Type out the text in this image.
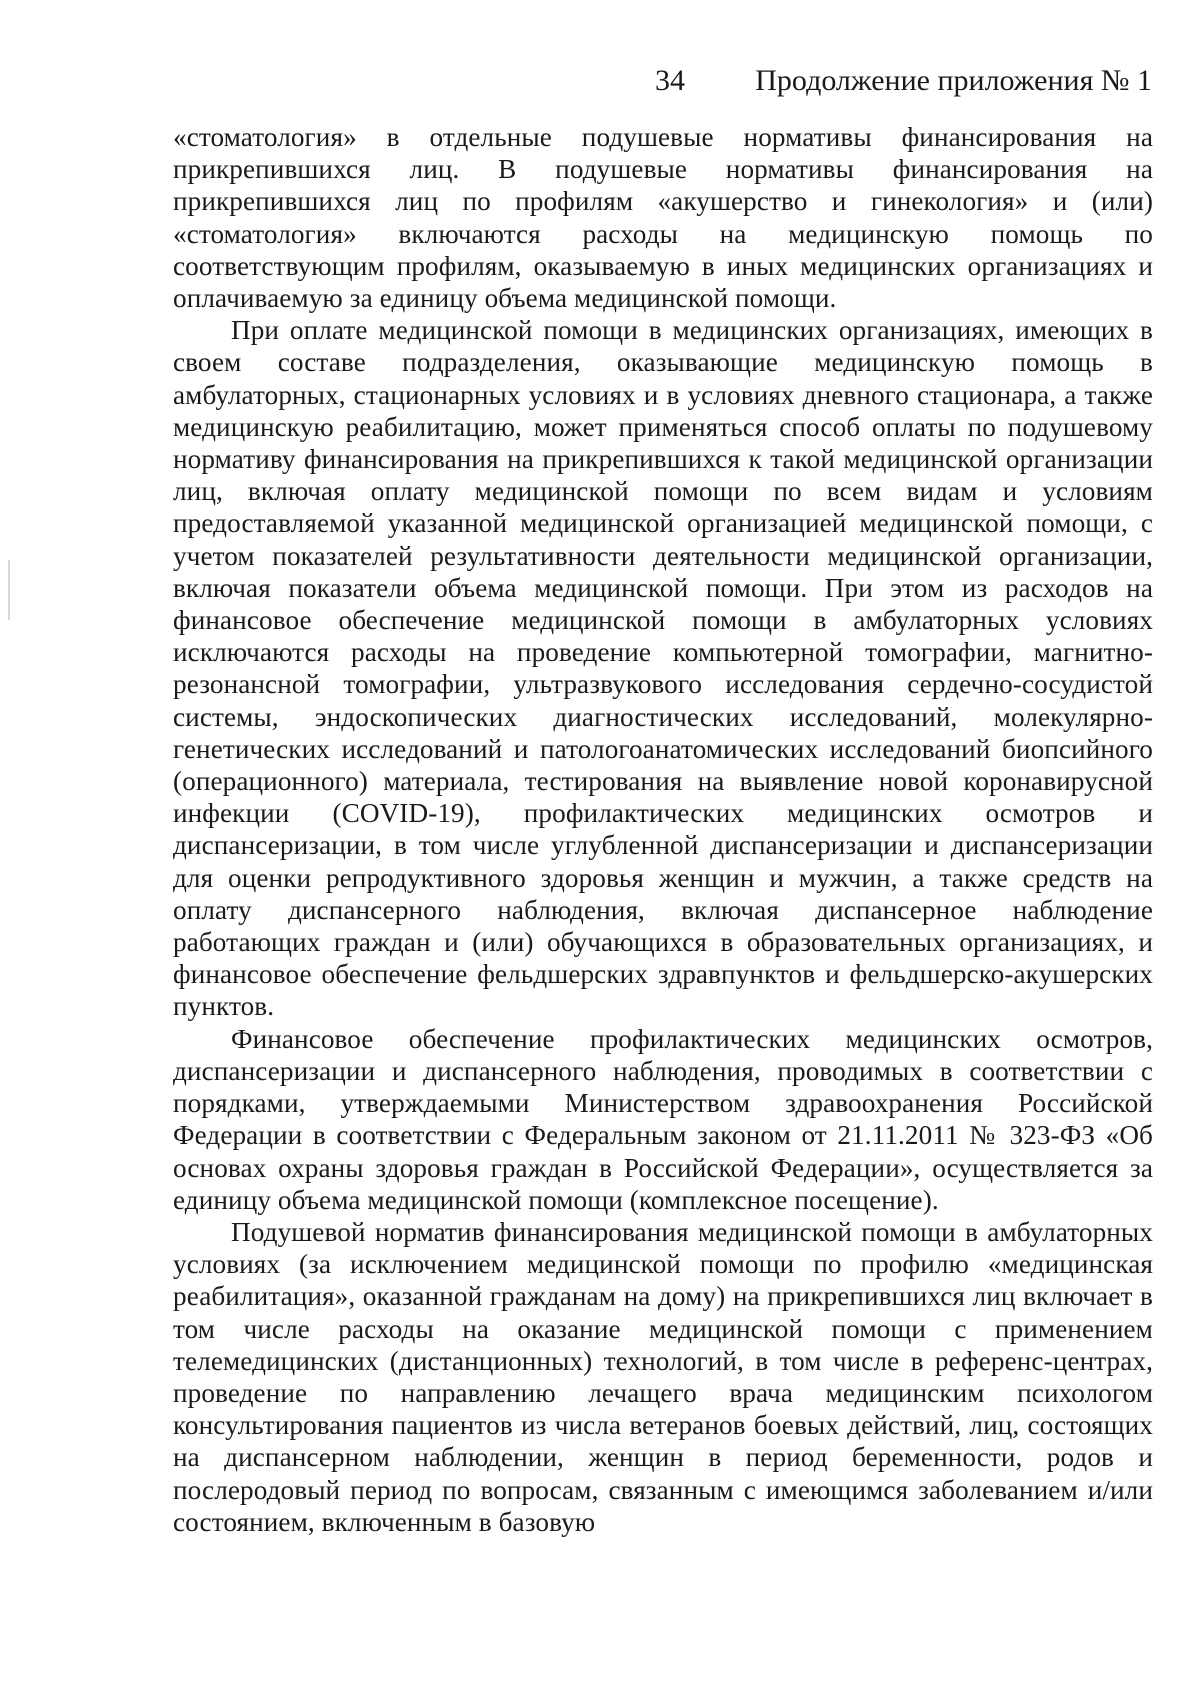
34 Продолжение приложения № 1

«стоматология» в отдельные подушевые нормативы финансирования на прикрепившихся лиц. В подушевые нормативы финансирования на прикрепившихся лиц по профилям «акушерство и гинекология» и (или) «стоматология» включаются расходы на медицинскую помощь по соответствующим профилям, оказываемую в иных медицинских организациях и оплачиваемую за единицу объема медицинской помощи.

При оплате медицинской помощи в медицинских организациях, имеющих в своем составе подразделения, оказывающие медицинскую помощь в амбулаторных, стационарных условиях и в условиях дневного стационара, а также медицинскую реабилитацию, может применяться способ оплаты по подушевому нормативу финансирования на прикрепившихся к такой медицинской организации лиц, включая оплату медицинской помощи по всем видам и условиям предоставляемой указанной медицинской организацией медицинской помощи, с учетом показателей результативности деятельности медицинской организации, включая показатели объема медицинской помощи. При этом из расходов на финансовое обеспечение медицинской помощи в амбулаторных условиях исключаются расходы на проведение компьютерной томографии, магнитно-резонансной томографии, ультразвукового исследования сердечно-сосудистой системы, эндоскопических диагностических исследований, молекулярно-генетических исследований и патологоанатомических исследований биопсийного (операционного) материала, тестирования на выявление новой коронавирусной инфекции (COVID-19), профилактических медицинских осмотров и диспансеризации, в том числе углубленной диспансеризации и диспансеризации для оценки репродуктивного здоровья женщин и мужчин, а также средств на оплату диспансерного наблюдения, включая диспансерное наблюдение работающих граждан и (или) обучающихся в образовательных организациях, и финансовое обеспечение фельдшерских здравпунктов и фельдшерско-акушерских пунктов.

Финансовое обеспечение профилактических медицинских осмотров, диспансеризации и диспансерного наблюдения, проводимых в соответствии с порядками, утверждаемыми Министерством здравоохранения Российской Федерации в соответствии с Федеральным законом от 21.11.2011 № 323-ФЗ «Об основах охраны здоровья граждан в Российской Федерации», осуществляется за единицу объема медицинской помощи (комплексное посещение).

Подушевой норматив финансирования медицинской помощи в амбулаторных условиях (за исключением медицинской помощи по профилю «медицинская реабилитация», оказанной гражданам на дому) на прикрепившихся лиц включает в том числе расходы на оказание медицинской помощи с применением телемедицинских (дистанционных) технологий, в том числе в референс-центрах, проведение по направлению лечащего врача медицинским психологом консультирования пациентов из числа ветеранов боевых действий, лиц, состоящих на диспансерном наблюдении, женщин в период беременности, родов и послеродовый период по вопросам, связанным с имеющимся заболеванием и/или состоянием, включенным в базовую
